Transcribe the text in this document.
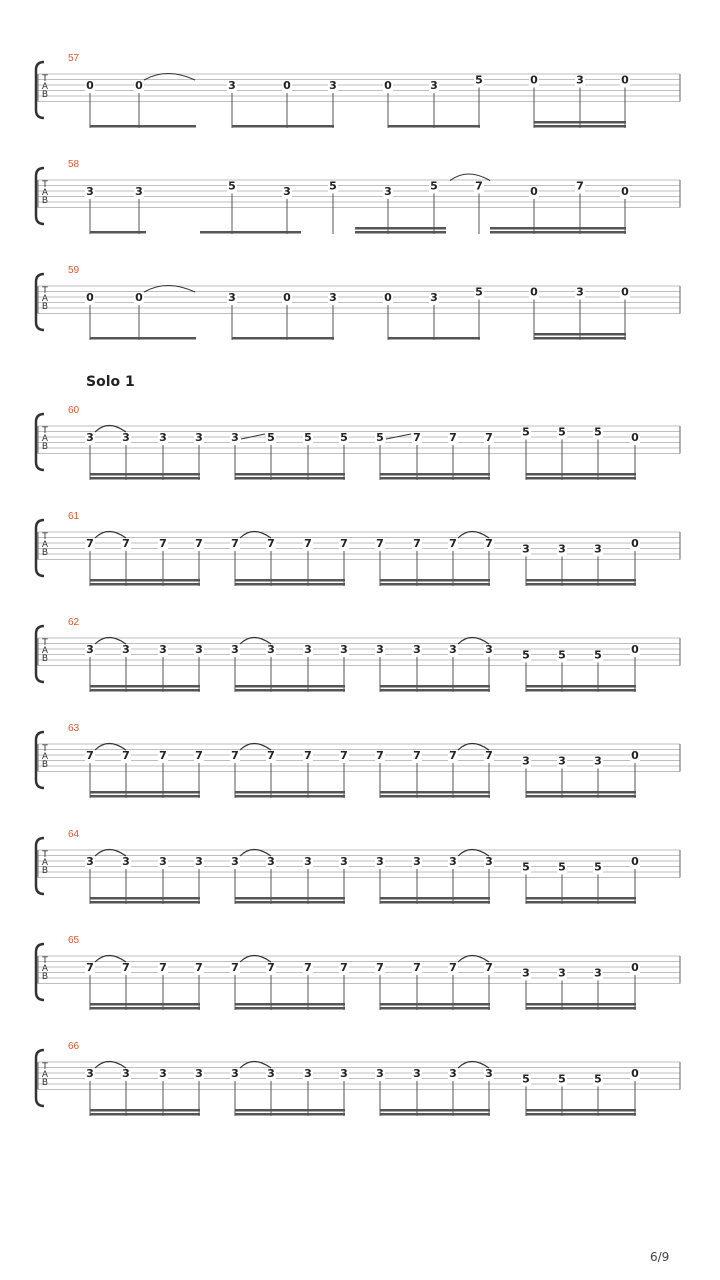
Solo 1
57
T
A
B
0	0	3	0	3	0	3	5	0	3	0
58
T
A
B
3	3	5	3	5	3	5	7	0	7	0
59
T
A
B
0	0	3	0	3	0	3	5	0	3	0
60
T
A
B
3	3	3	3	3	5	5	5	5	7	7	7	5	5	5	0
61
T
A
B
7	7	7	7	7	7	7	7	7	7	7	7	3	3	3	0
62
T
A
B
3	3	3	3	3	3	3	3	3	3	3	3	5	5	5	0
63
T
A
B
7	7	7	7	7	7	7	7	7	7	7	7	3	3	3	0
64
T
A
B
3	3	3	3	3	3	3	3	3	3	3	3	5	5	5	0
65
T
A
B
7	7	7	7	7	7	7	7	7	7	7	7	3	3	3	0
66
T
A
B
3	3	3	3	3	3	3	3	3	3	3	3	5	5	5	0
6/9
